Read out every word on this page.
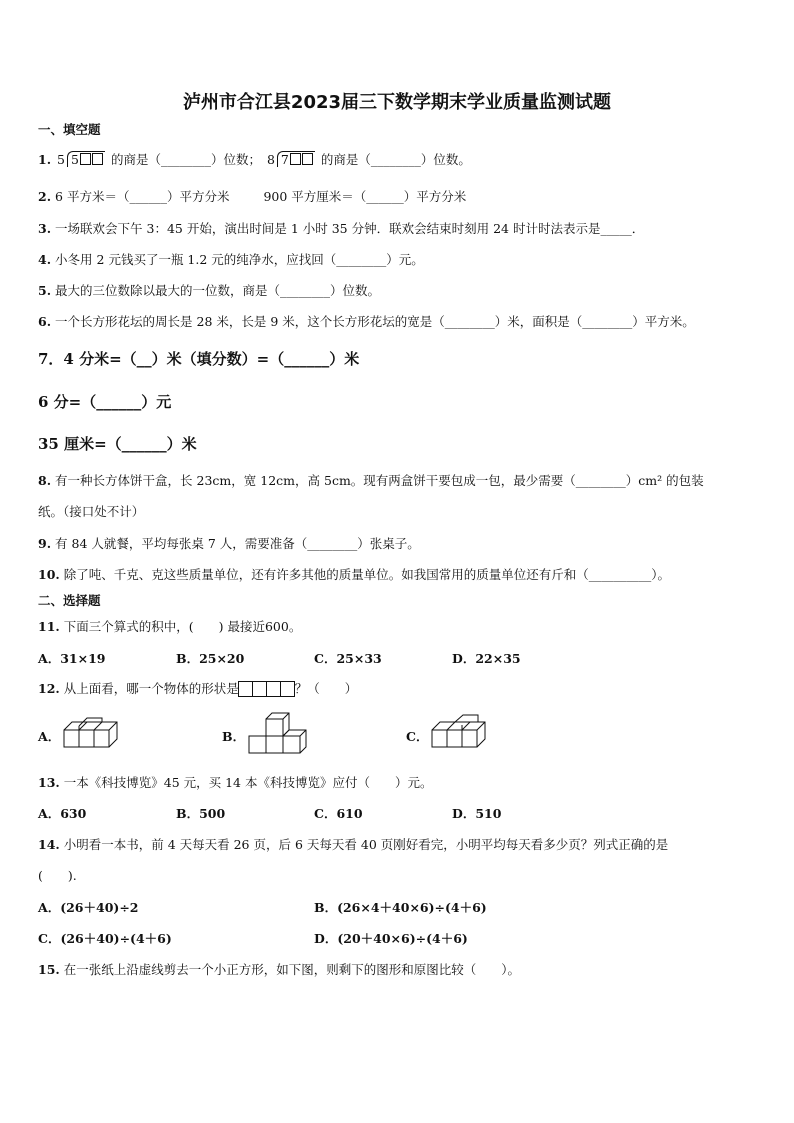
泸州市合江县2023届三下数学期末学业质量监测试题
一、填空题
1. 5 5	的商是（________）位数； 8 7	的商是（________）位数。
2. 6 平方米＝（______）平方分米	900 平方厘米＝（______）平方分米
3. 一场联欢会下午 3：45 开始，演出时间是 1 小时 35 分钟．联欢会结束时刻用 24 时计时法表示是_____．
4. 小冬用 2 元钱买了一瓶 1.2 元的纯净水，应找回（________）元。
5. 最大的三位数除以最大的一位数，商是（________）位数。
6. 一个长方形花坛的周长是 28 米，长是 9 米，这个长方形花坛的宽是（________）米，面积是（________）平方米。
7．4 分米=（__）米（填分数）=（______）米
6 分=（______）元
35 厘米=（______）米
8. 有一种长方体饼干盒，长 23cm，宽 12cm，高 5cm。现有两盒饼干要包成一包，最少需要（________）cm² 的包装
纸。（接口处不计）
9. 有 84 人就餐，平均每张桌 7 人，需要准备（________）张桌子。
10. 除了吨、千克、克这些质量单位，还有许多其他的质量单位。如我国常用的质量单位还有斤和（__________）。
二、选择题
11. 下面三个算式的积中，(　　) 最接近600。
A．31×19	B．25×20	C．25×33	D．22×35
12. 从上面看，哪一个物体的形状是	？（　　）
A．	B．	C．
13. 一本《科技博览》45 元，买 14 本《科技博览》应付（　　）元。
A．630	B．500	C．610	D．510
14. 小明看一本书，前 4 天每天看 26 页，后 6 天每天看 40 页刚好看完，小明平均每天看多少页？列式正确的是
(　　).
A．(26＋40)÷2	B．(26×4＋40×6)÷(4＋6)
C．(26＋40)÷(4＋6)	D．(20＋40×6)÷(4＋6)
15. 在一张纸上沿虚线剪去一个小正方形，如下图，则剩下的图形和原图比较（　　）。
